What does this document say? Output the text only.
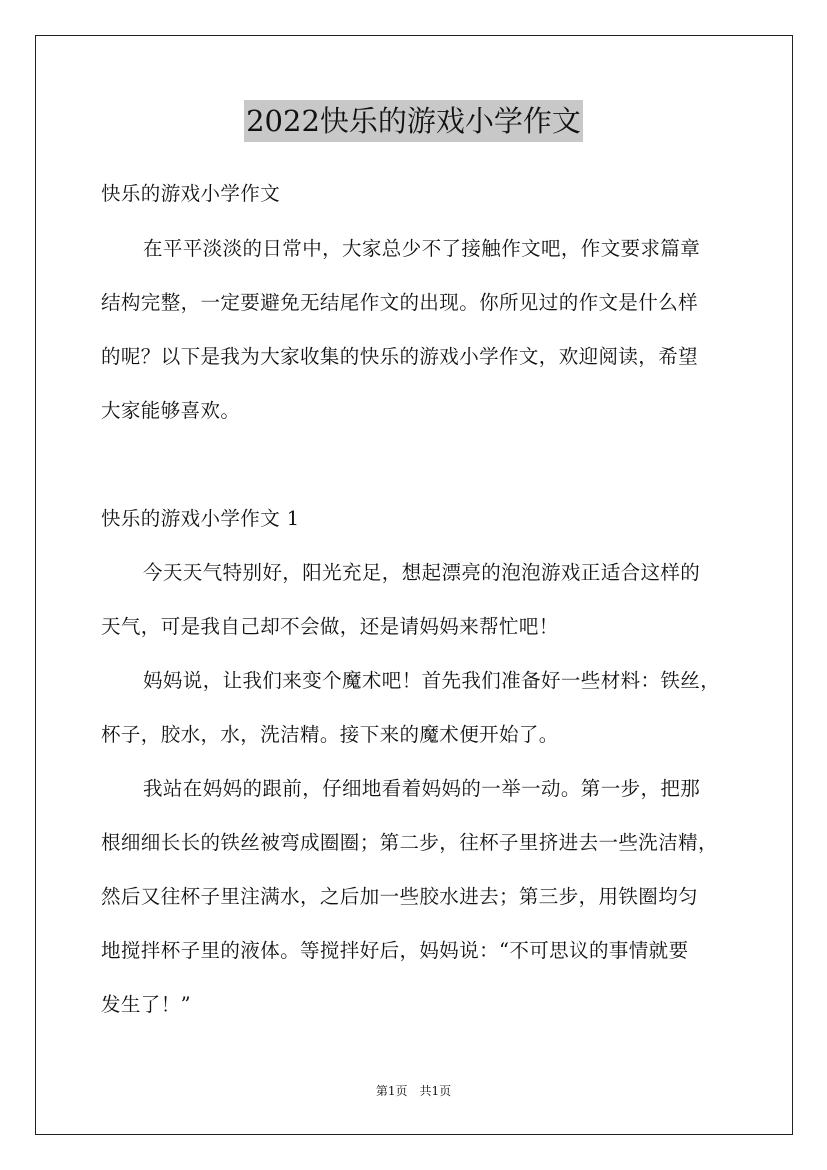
2022快乐的游戏小学作文
快乐的游戏小学作文
在平平淡淡的日常中，大家总少不了接触作文吧，作文要求篇章
结构完整，一定要避免无结尾作文的出现。你所见过的作文是什么样
的呢？以下是我为大家收集的快乐的游戏小学作文，欢迎阅读，希望
大家能够喜欢。
快乐的游戏小学作文 1
今天天气特别好，阳光充足，想起漂亮的泡泡游戏正适合这样的
天气，可是我自己却不会做，还是请妈妈来帮忙吧！
妈妈说，让我们来变个魔术吧！首先我们准备好一些材料：铁丝，
杯子，胶水，水，洗洁精。接下来的魔术便开始了。
我站在妈妈的跟前，仔细地看着妈妈的一举一动。第一步，把那
根细细长长的铁丝被弯成圈圈；第二步，往杯子里挤进去一些洗洁精，
然后又往杯子里注满水，之后加一些胶水进去；第三步，用铁圈均匀
地搅拌杯子里的液体。等搅拌好后，妈妈说：“不可思议的事情就要
发生了！”
第1页 共1页
